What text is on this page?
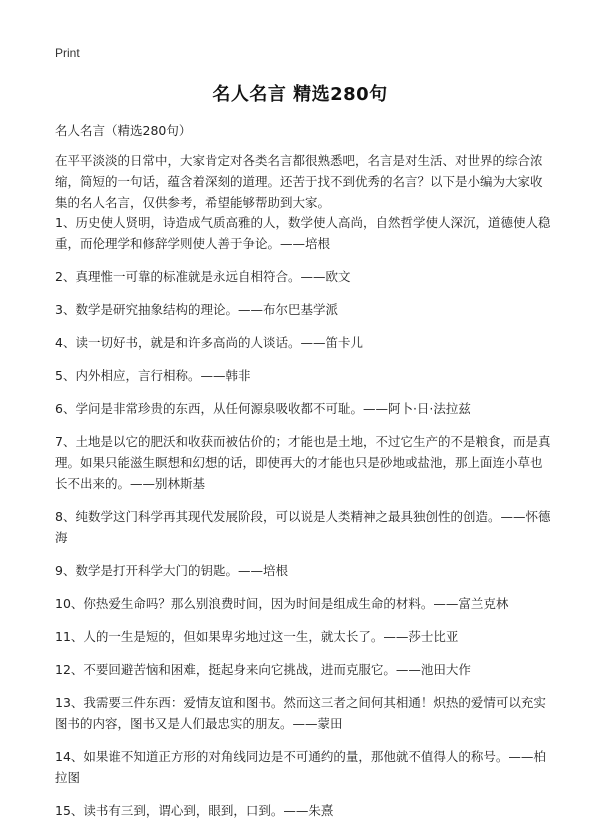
Print
名人名言 精选280句
名人名言（精选280句）
在平平淡淡的日常中，大家肯定对各类名言都很熟悉吧，名言是对生活、对世界的综合浓缩，简短的一句话，蕴含着深刻的道理。还苦于找不到优秀的名言？以下是小编为大家收集的名人名言，仅供参考，希望能够帮助到大家。
1、历史使人贤明，诗造成气质高雅的人，数学使人高尚，自然哲学使人深沉，道德使人稳重，而伦理学和修辞学则使人善于争论。——培根
2、真理惟一可靠的标准就是永远自相符合。——欧文
3、数学是研究抽象结构的理论。——布尔巴基学派
4、读一切好书，就是和许多高尚的人谈话。——笛卡儿
5、内外相应，言行相称。——韩非
6、学问是非常珍贵的东西，从任何源泉吸收都不可耻。——阿卜·日·法拉兹
7、土地是以它的肥沃和收获而被估价的；才能也是土地，不过它生产的不是粮食，而是真理。如果只能滋生瞑想和幻想的话，即使再大的才能也只是砂地或盐池，那上面连小草也长不出来的。——别林斯基
8、纯数学这门科学再其现代发展阶段，可以说是人类精神之最具独创性的创造。——怀德海
9、数学是打开科学大门的钥匙。——培根
10、你热爱生命吗？那么别浪费时间，因为时间是组成生命的材料。——富兰克林
11、人的一生是短的，但如果卑劣地过这一生，就太长了。——莎士比亚
12、不要回避苦恼和困难，挺起身来向它挑战，进而克服它。——池田大作
13、我需要三件东西：爱情友谊和图书。然而这三者之间何其相通！炽热的爱情可以充实图书的内容，图书又是人们最忠实的朋友。——蒙田
14、如果谁不知道正方形的对角线同边是不可通约的量，那他就不值得人的称号。——柏拉图
15、读书有三到，谓心到，眼到，口到。——朱熹
